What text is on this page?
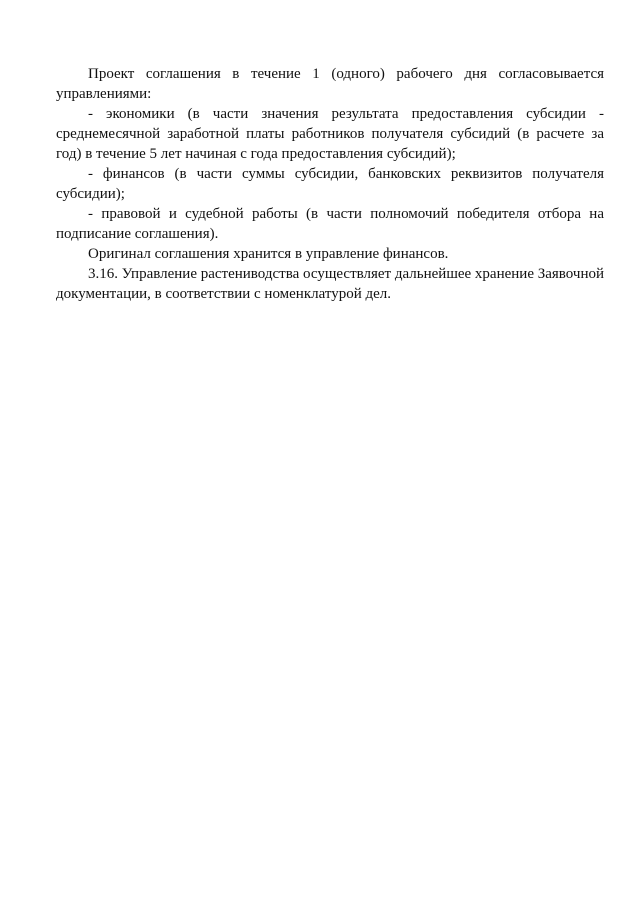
Проект соглашения в течение 1 (одного) рабочего дня согласовывается управлениями:

- экономики (в части значения результата предоставления субсидии - среднемесячной заработной платы работников получателя субсидий (в расчете за год) в течение 5 лет начиная с года предоставления субсидий);

- финансов (в части суммы субсидии, банковских реквизитов получателя субсидии);

- правовой и судебной работы (в части полномочий победителя отбора на подписание соглашения).

Оригинал соглашения хранится в управление финансов.

3.16. Управление растениводства осуществляет дальнейшее хранение Заявочной документации, в соответствии с номенклатурой дел.
